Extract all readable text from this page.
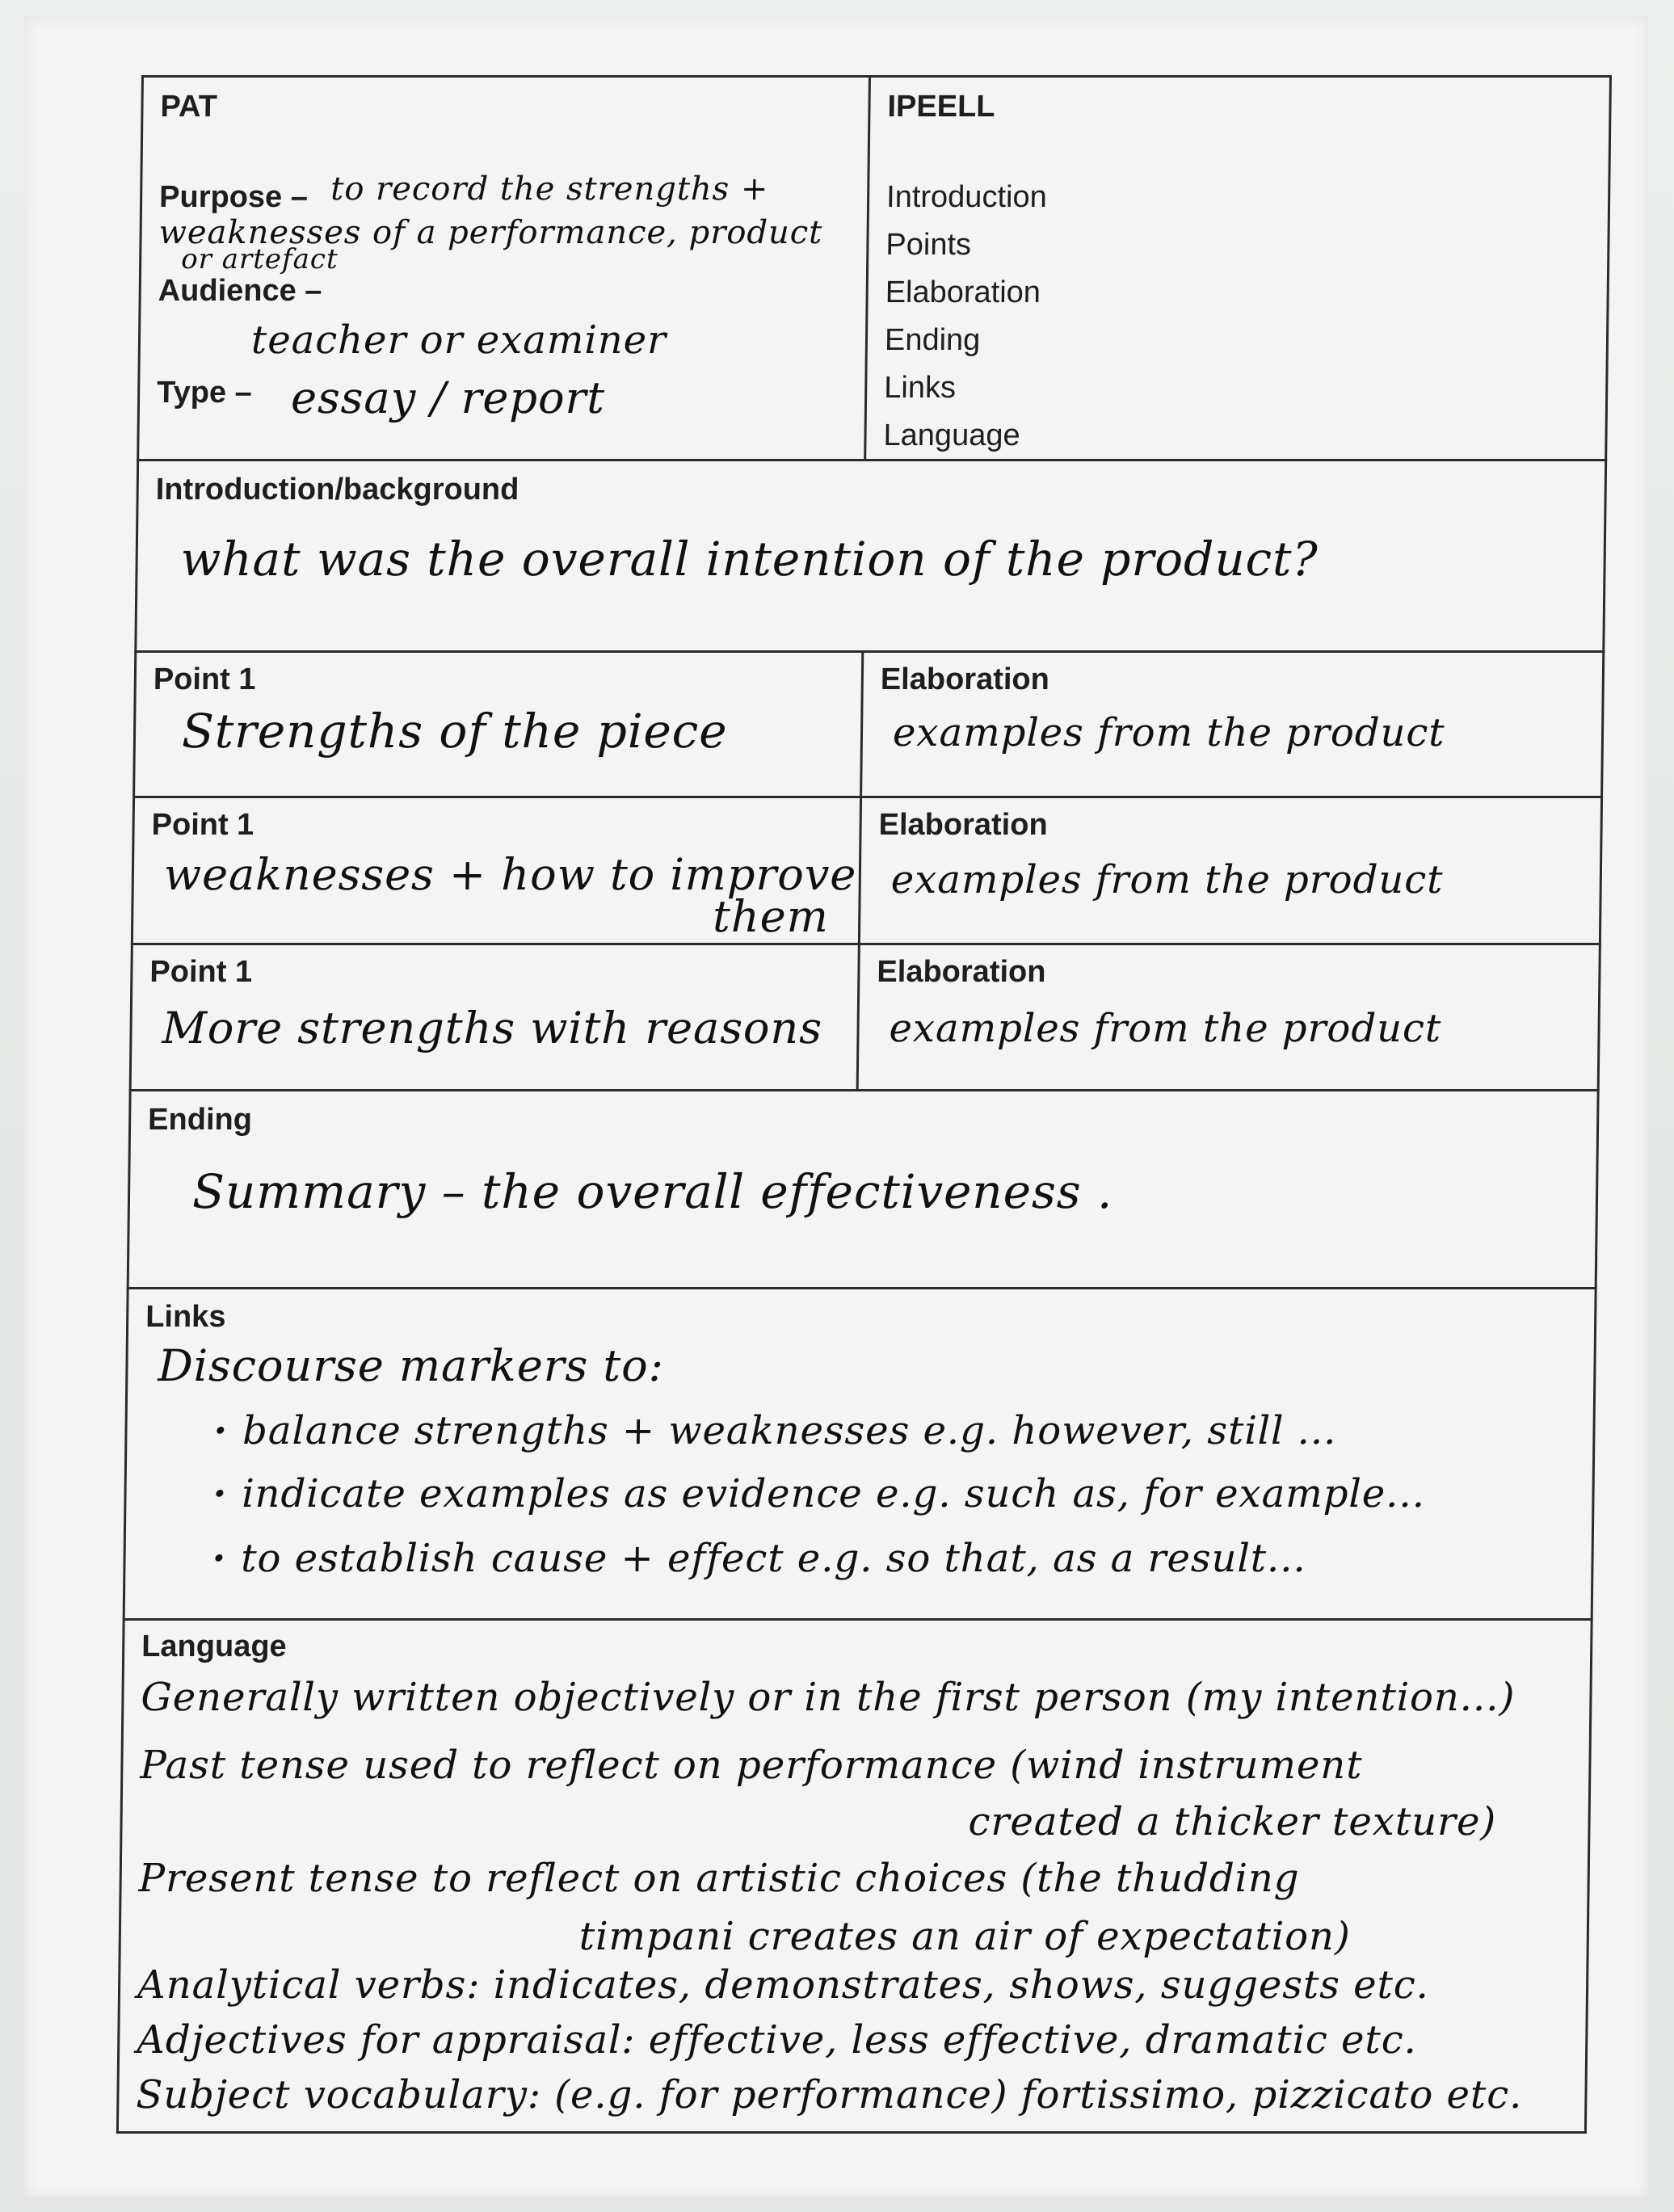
PAT
Purpose – to record the strengths +
weaknesses of a performance, product
or artefact
Audience –
teacher or examiner
Type – essay / report
IPEELL
Introduction
Points
Elaboration
Ending
Links
Language
Introduction/background
what was the overall intention of the product?
Point 1
Strengths of the piece
Elaboration
examples from the product
Point 1
weaknesses + how to improve
them
Elaboration
examples from the product
Point 1
More strengths with reasons
Elaboration
examples from the product
Ending
Summary – the overall effectiveness .
Links
Discourse markers to:
· balance strengths + weaknesses e.g. however, still ...
· indicate examples as evidence e.g. such as, for example...
· to establish cause + effect e.g. so that, as a result...
Language
Generally written objectively or in the first person (my intention...)
Past tense used to reflect on performance (wind instrument
created a thicker texture)
Present tense to reflect on artistic choices (the thudding
timpani creates an air of expectation)
Analytical verbs: indicates, demonstrates, shows, suggests etc.
Adjectives for appraisal: effective, less effective, dramatic etc.
Subject vocabulary: (e.g. for performance) fortissimo, pizzicato etc.
